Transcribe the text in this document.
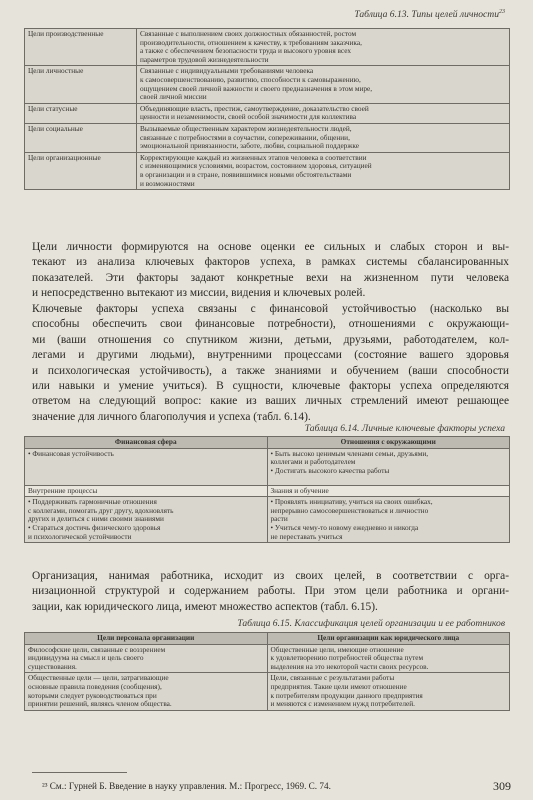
Таблица 6.13. Типы целей личности$^{23}$
Цели производственные	Связанные с выполнением своих должностных обязанностей, ростом
производительности, отношением к качеству, к требованиям заказчика,
а также с обеспечением безопасности труда и высокого уровня всех
параметров трудовой жизнедеятельности

Цели личностные	Связанные с индивидуальными требованиями человека
к самосовершенствованию, развитию, способности к самовыражению,
ощущением своей личной важности и своего предназначения в этом мире,
своей личной миссии

Цели статусные	Объединяющие власть, престиж, самоутверждение, доказательство своей
ценности и незаменимости, своей особой значимости для коллектива

Цели социальные	Вызываемые общественным характером жизнедеятельности людей,
связанные с потребностями в соучастии, сопереживании, общении,
эмоциональной привязанности, заботе, любви, социальной поддержке

Цели организационные	Корректирующие каждый из жизненных этапов человека в соответствии
с изменяющимися условиями, возрастом, состоянием здоровья, ситуацией
в организации и в стране, появившимися новыми обстоятельствами
и возможностями
Цели личности формируются на основе оценки ее сильных и слабых сторон и вы-
текают из анализа ключевых факторов успеха, в рамках системы сбалансированных
показателей. Эти факторы задают конкретные вехи на жизненном пути человека
и непосредственно вытекают из миссии, видения и ключевых ролей.
Ключевые факторы успеха связаны с финансовой устойчивостью (насколько вы
способны обеспечить свои финансовые потребности), отношениями с окружающи-
ми (ваши отношения со спутником жизни, детьми, друзьями, работодателем, кол-
легами и другими людьми), внутренними процессами (состояние вашего здоровья
и психологическая устойчивость), а также знаниями и обучением (ваши способности
или навыки и умение учиться). В сущности, ключевые факторы успеха определяются
ответом на следующий вопрос: какие из ваших личных стремлений имеют решающее
значение для личного благополучия и успеха (табл. 6.14).
Таблица 6.14. Личные ключевые факторы успеха
Финансовая сфера	Отношения с окружающими

• Финансовая устойчивость	• Быть высоко ценимым членами семьи, друзьями,
коллегами и работодателем
• Достигать высокого качества работы

Внутренние процессы	Знания и обучение

• Поддерживать гармоничные отношения
с коллегами, помогать друг другу, вдохновлять
других и делиться с ними своими знаниями
• Стараться достичь физического здоровья
и психологической устойчивости	• Проявлять инициативу, учиться на своих ошибках,
непрерывно самосовершенствоваться и личностно
расти
• Учиться чему-то новому ежедневно и никогда
не переставать учиться
Организация, нанимая работника, исходит из своих целей, в соответствии с орга-
низационной структурой и содержанием работы. При этом цели работника и органи-
зации, как юридического лица, имеют множество аспектов (табл. 6.15).
Таблица 6.15. Классификация целей организации и ее работников
Цели персонала организации	Цели организации как юридического лица

Философские цели, связанные с воззрением
индивидуума на смысл и цель своего
существования.	Общественные цели, имеющие отношение
к удовлетворению потребностей общества путем
выделения на это некоторой части своих ресурсов.

Общественные цели — цели, затрагивающие
основные правила поведения (сообщения),
которыми следует руководствоваться при
принятии решений, являясь членом общества.	Цели, связанные с результатами работы
предприятия. Такие цели имеют отношение
к потребителям продукции данного предприятия
и меняются с изменением нужд потребителей.
²³ См.: Гурней Б. Введение в науку управления. М.: Прогресс, 1969. С. 74.	309
